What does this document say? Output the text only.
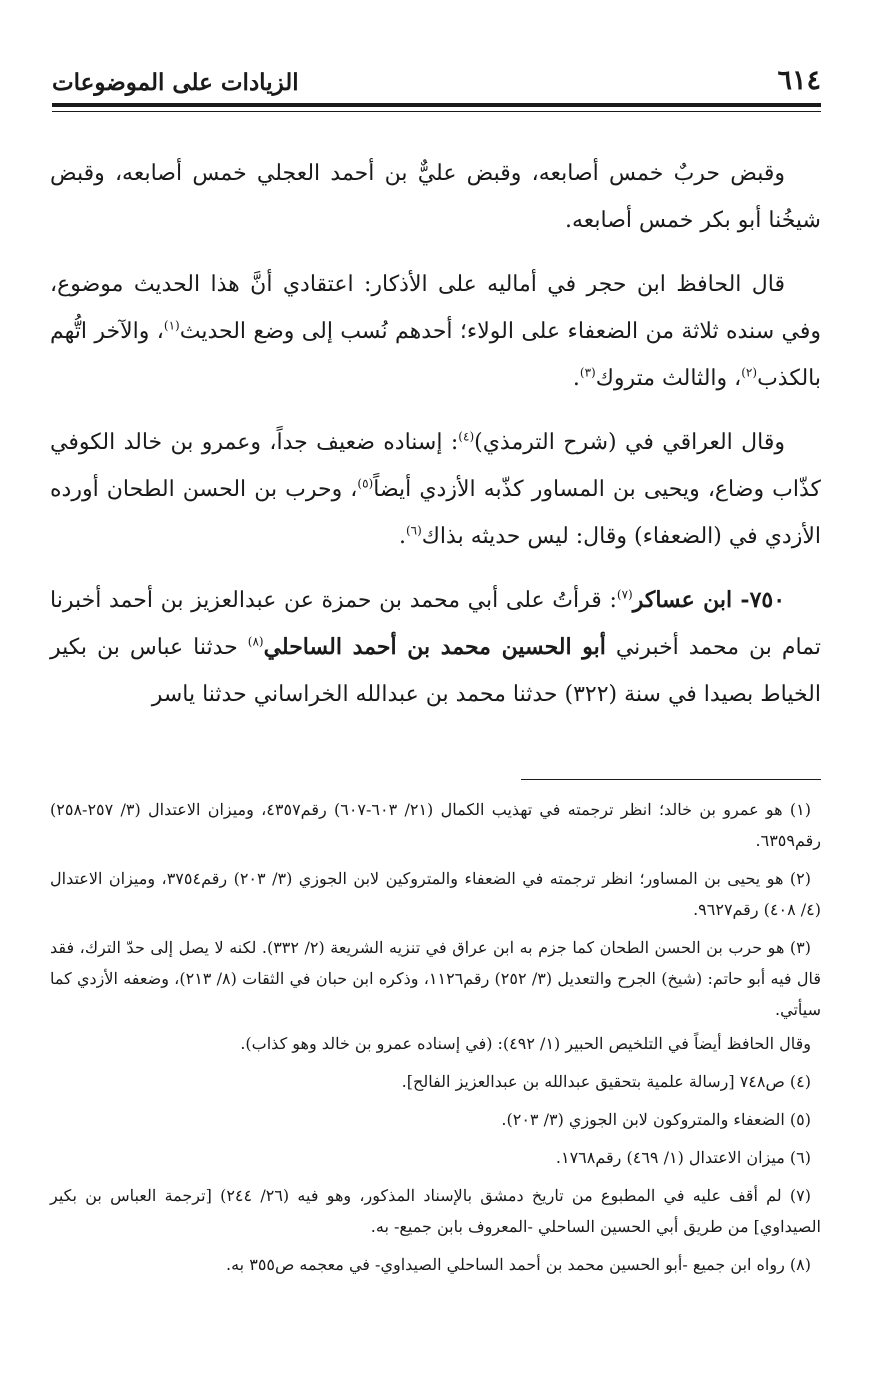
الزيادات على الموضوعات	٦١٤

وقبض حربٌ خمس أصابعه، وقبض عليٌّ بن أحمد العجلي خمس أصابعه، وقبض شيخُنا أبو بكر خمس أصابعه.

قال الحافظ ابن حجر في أماليه على الأذكار: اعتقادي أنَّ هذا الحديث موضوع، وفي سنده ثلاثة من الضعفاء على الولاء؛ أحدهم نُسب إلى وضع الحديث$^{(١)}$، والآخر اتُّهم بالكذب$^{(٢)}$، والثالث متروك$^{(٣)}$.

وقال العراقي في (شرح الترمذي)$^{(٤)}$: إسناده ضعيف جداً، وعمرو بن خالد الكوفي كذّاب وضاع، ويحيى بن المساور كذّبه الأزدي أيضاً$^{(٥)}$، وحرب بن الحسن الطحان أورده الأزدي في (الضعفاء) وقال: ليس حديثه بذاك$^{(٦)}$.

٧٥٠- ابن عساكر$^{(٧)}$: قرأتُ على أبي محمد بن حمزة عن عبدالعزيز بن أحمد أخبرنا تمام بن محمد أخبرني أبو الحسين محمد بن أحمد الساحلي$^{(٨)}$ حدثنا عباس بن بكير الخياط بصيدا في سنة (٣٢٢) حدثنا محمد بن عبدالله الخراساني حدثنا ياسر

(١) هو عمرو بن خالد؛ انظر ترجمته في تهذيب الكمال (٢١/ ٦٠٣-٦٠٧) رقم٤٣٥٧، وميزان الاعتدال (٣/ ٢٥٧-٢٥٨) رقم٦٣٥٩.

(٢) هو يحيى بن المساور؛ انظر ترجمته في الضعفاء والمتروكين لابن الجوزي (٣/ ٢٠٣) رقم٣٧٥٤، وميزان الاعتدال (٤/ ٤٠٨) رقم٩٦٢٧.

(٣) هو حرب بن الحسن الطحان كما جزم به ابن عراق في تنزيه الشريعة (٢/ ٣٣٢). لكنه لا يصل إلى حدّ الترك، فقد قال فيه أبو حاتم: (شيخ) الجرح والتعديل (٣/ ٢٥٢) رقم١١٢٦، وذكره ابن حبان في الثقات (٨/ ٢١٣)، وضعفه الأزدي كما سيأتي.

وقال الحافظ أيضاً في التلخيص الحبير (١/ ٤٩٢): (في إسناده عمرو بن خالد وهو كذاب).

(٤) ص٧٤٨ [رسالة علمية بتحقيق عبدالله بن عبدالعزيز الفالح].

(٥) الضعفاء والمتروكون لابن الجوزي (٣/ ٢٠٣).

(٦) ميزان الاعتدال (١/ ٤٦٩) رقم١٧٦٨.

(٧) لم أقف عليه في المطبوع من تاريخ دمشق بالإسناد المذكور، وهو فيه (٢٦/ ٢٤٤) [ترجمة العباس بن بكير الصيداوي] من طريق أبي الحسين الساحلي -المعروف بابن جميع- به.

(٨) رواه ابن جميع -أبو الحسين محمد بن أحمد الساحلي الصيداوي- في معجمه ص٣٥٥ به.
